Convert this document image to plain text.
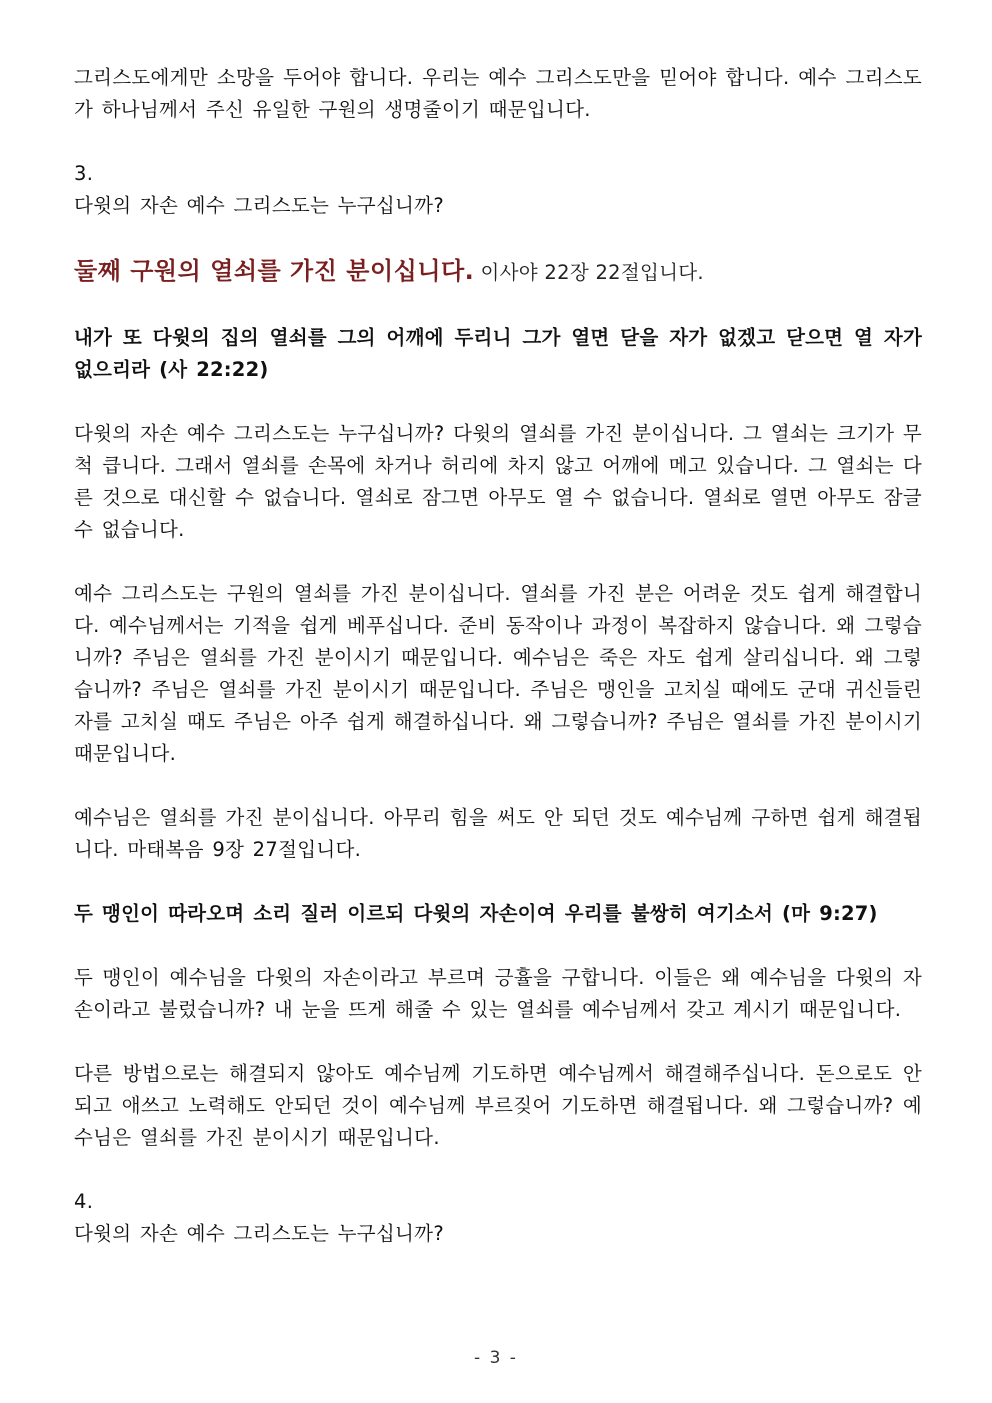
그리스도에게만 소망을 두어야 합니다. 우리는 예수 그리스도만을 믿어야 합니다. 예수 그리스도가 하나님께서 주신 유일한 구원의 생명줄이기 때문입니다.

3.

다윗의 자손 예수 그리스도는 누구십니까?

둘째 구원의 열쇠를 가진 분이십니다. 이사야 22장 22절입니다.

내가 또 다윗의 집의 열쇠를 그의 어깨에 두리니 그가 열면 닫을 자가 없겠고 닫으면 열 자가 없으리라 (사 22:22)

다윗의 자손 예수 그리스도는 누구십니까? 다윗의 열쇠를 가진 분이십니다. 그 열쇠는 크기가 무척 큽니다. 그래서 열쇠를 손목에 차거나 허리에 차지 않고 어깨에 메고 있습니다. 그 열쇠는 다른 것으로 대신할 수 없습니다. 열쇠로 잠그면 아무도 열 수 없습니다. 열쇠로 열면 아무도 잠글 수 없습니다.

예수 그리스도는 구원의 열쇠를 가진 분이십니다. 열쇠를 가진 분은 어려운 것도 쉽게 해결합니다. 예수님께서는 기적을 쉽게 베푸십니다. 준비 동작이나 과정이 복잡하지 않습니다. 왜 그렇습니까? 주님은 열쇠를 가진 분이시기 때문입니다. 예수님은 죽은 자도 쉽게 살리십니다. 왜 그렇습니까? 주님은 열쇠를 가진 분이시기 때문입니다. 주님은 맹인을 고치실 때에도 군대 귀신들린 자를 고치실 때도 주님은 아주 쉽게 해결하십니다. 왜 그렇습니까? 주님은 열쇠를 가진 분이시기 때문입니다.

예수님은 열쇠를 가진 분이십니다. 아무리 힘을 써도 안 되던 것도 예수님께 구하면 쉽게 해결됩니다. 마태복음 9장 27절입니다.

두 맹인이 따라오며 소리 질러 이르되 다윗의 자손이여 우리를 불쌍히 여기소서 (마 9:27)

두 맹인이 예수님을 다윗의 자손이라고 부르며 긍휼을 구합니다. 이들은 왜 예수님을 다윗의 자손이라고 불렀습니까? 내 눈을 뜨게 해줄 수 있는 열쇠를 예수님께서 갖고 계시기 때문입니다.

다른 방법으로는 해결되지 않아도 예수님께 기도하면 예수님께서 해결해주십니다. 돈으로도 안되고 애쓰고 노력해도 안되던 것이 예수님께 부르짖어 기도하면 해결됩니다. 왜 그렇습니까? 예수님은 열쇠를 가진 분이시기 때문입니다.

4.

다윗의 자손 예수 그리스도는 누구십니까?

- 3 -
